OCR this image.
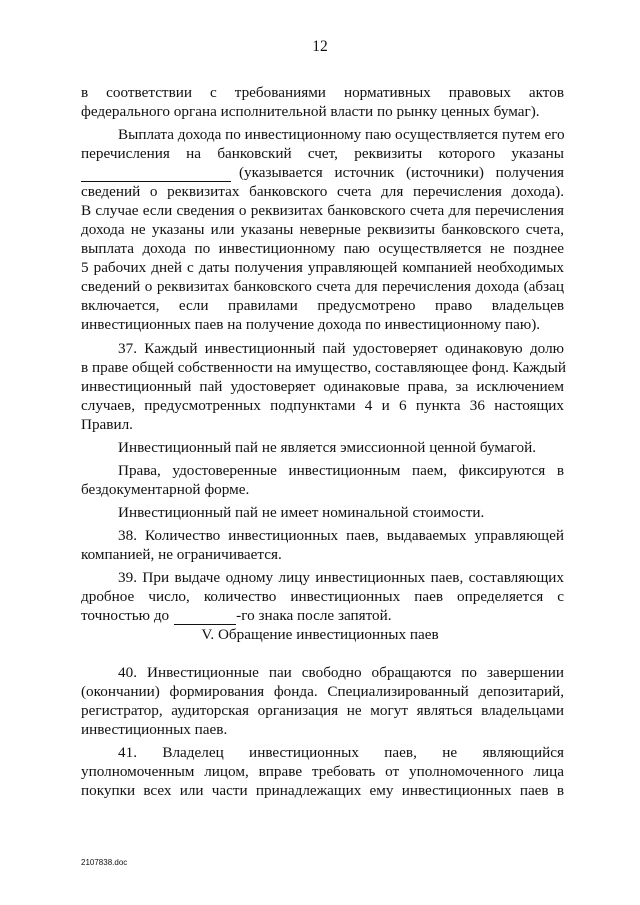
12
в соответствии с требованиями нормативных правовых актов
федерального органа исполнительной власти по рынку ценных бумаг).
Выплата дохода по инвестиционному паю осуществляется путем его
перечисления на банковский счет, реквизиты которого указаны
(указывается источник (источники) получения
сведений о реквизитах банковского счета для перечисления дохода).
В случае если сведения о реквизитах банковского счета для перечисления
дохода не указаны или указаны неверные реквизиты банковского счета,
выплата дохода по инвестиционному паю осуществляется не позднее
5 рабочих дней с даты получения управляющей компанией необходимых
сведений о реквизитах банковского счета для перечисления дохода (абзац
включается, если правилами предусмотрено право владельцев
инвестиционных паев на получение дохода по инвестиционному паю).
37. Каждый инвестиционный пай удостоверяет одинаковую долю
в праве общей собственности на имущество, составляющее фонд. Каждый
инвестиционный пай удостоверяет одинаковые права, за исключением
случаев, предусмотренных подпунктами 4 и 6 пункта 36 настоящих
Правил.
Инвестиционный пай не является эмиссионной ценной бумагой.
Права, удостоверенные инвестиционным паем, фиксируются в
бездокументарной форме.
Инвестиционный пай не имеет номинальной стоимости.
38. Количество инвестиционных паев, выдаваемых управляющей
компанией, не ограничивается.
39. При выдаче одному лицу инвестиционных паев, составляющих
дробное число, количество инвестиционных паев определяется с
точностью до	-го знака после запятой.
V. Обращение инвестиционных паев
40. Инвестиционные паи свободно обращаются по завершении
(окончании) формирования фонда. Специализированный депозитарий,
регистратор, аудиторская организация не могут являться владельцами
инвестиционных паев.
41. Владелец инвестиционных паев, не являющийся
уполномоченным лицом, вправе требовать от уполномоченного лица
покупки всех или части принадлежащих ему инвестиционных паев в
2107838.doc
